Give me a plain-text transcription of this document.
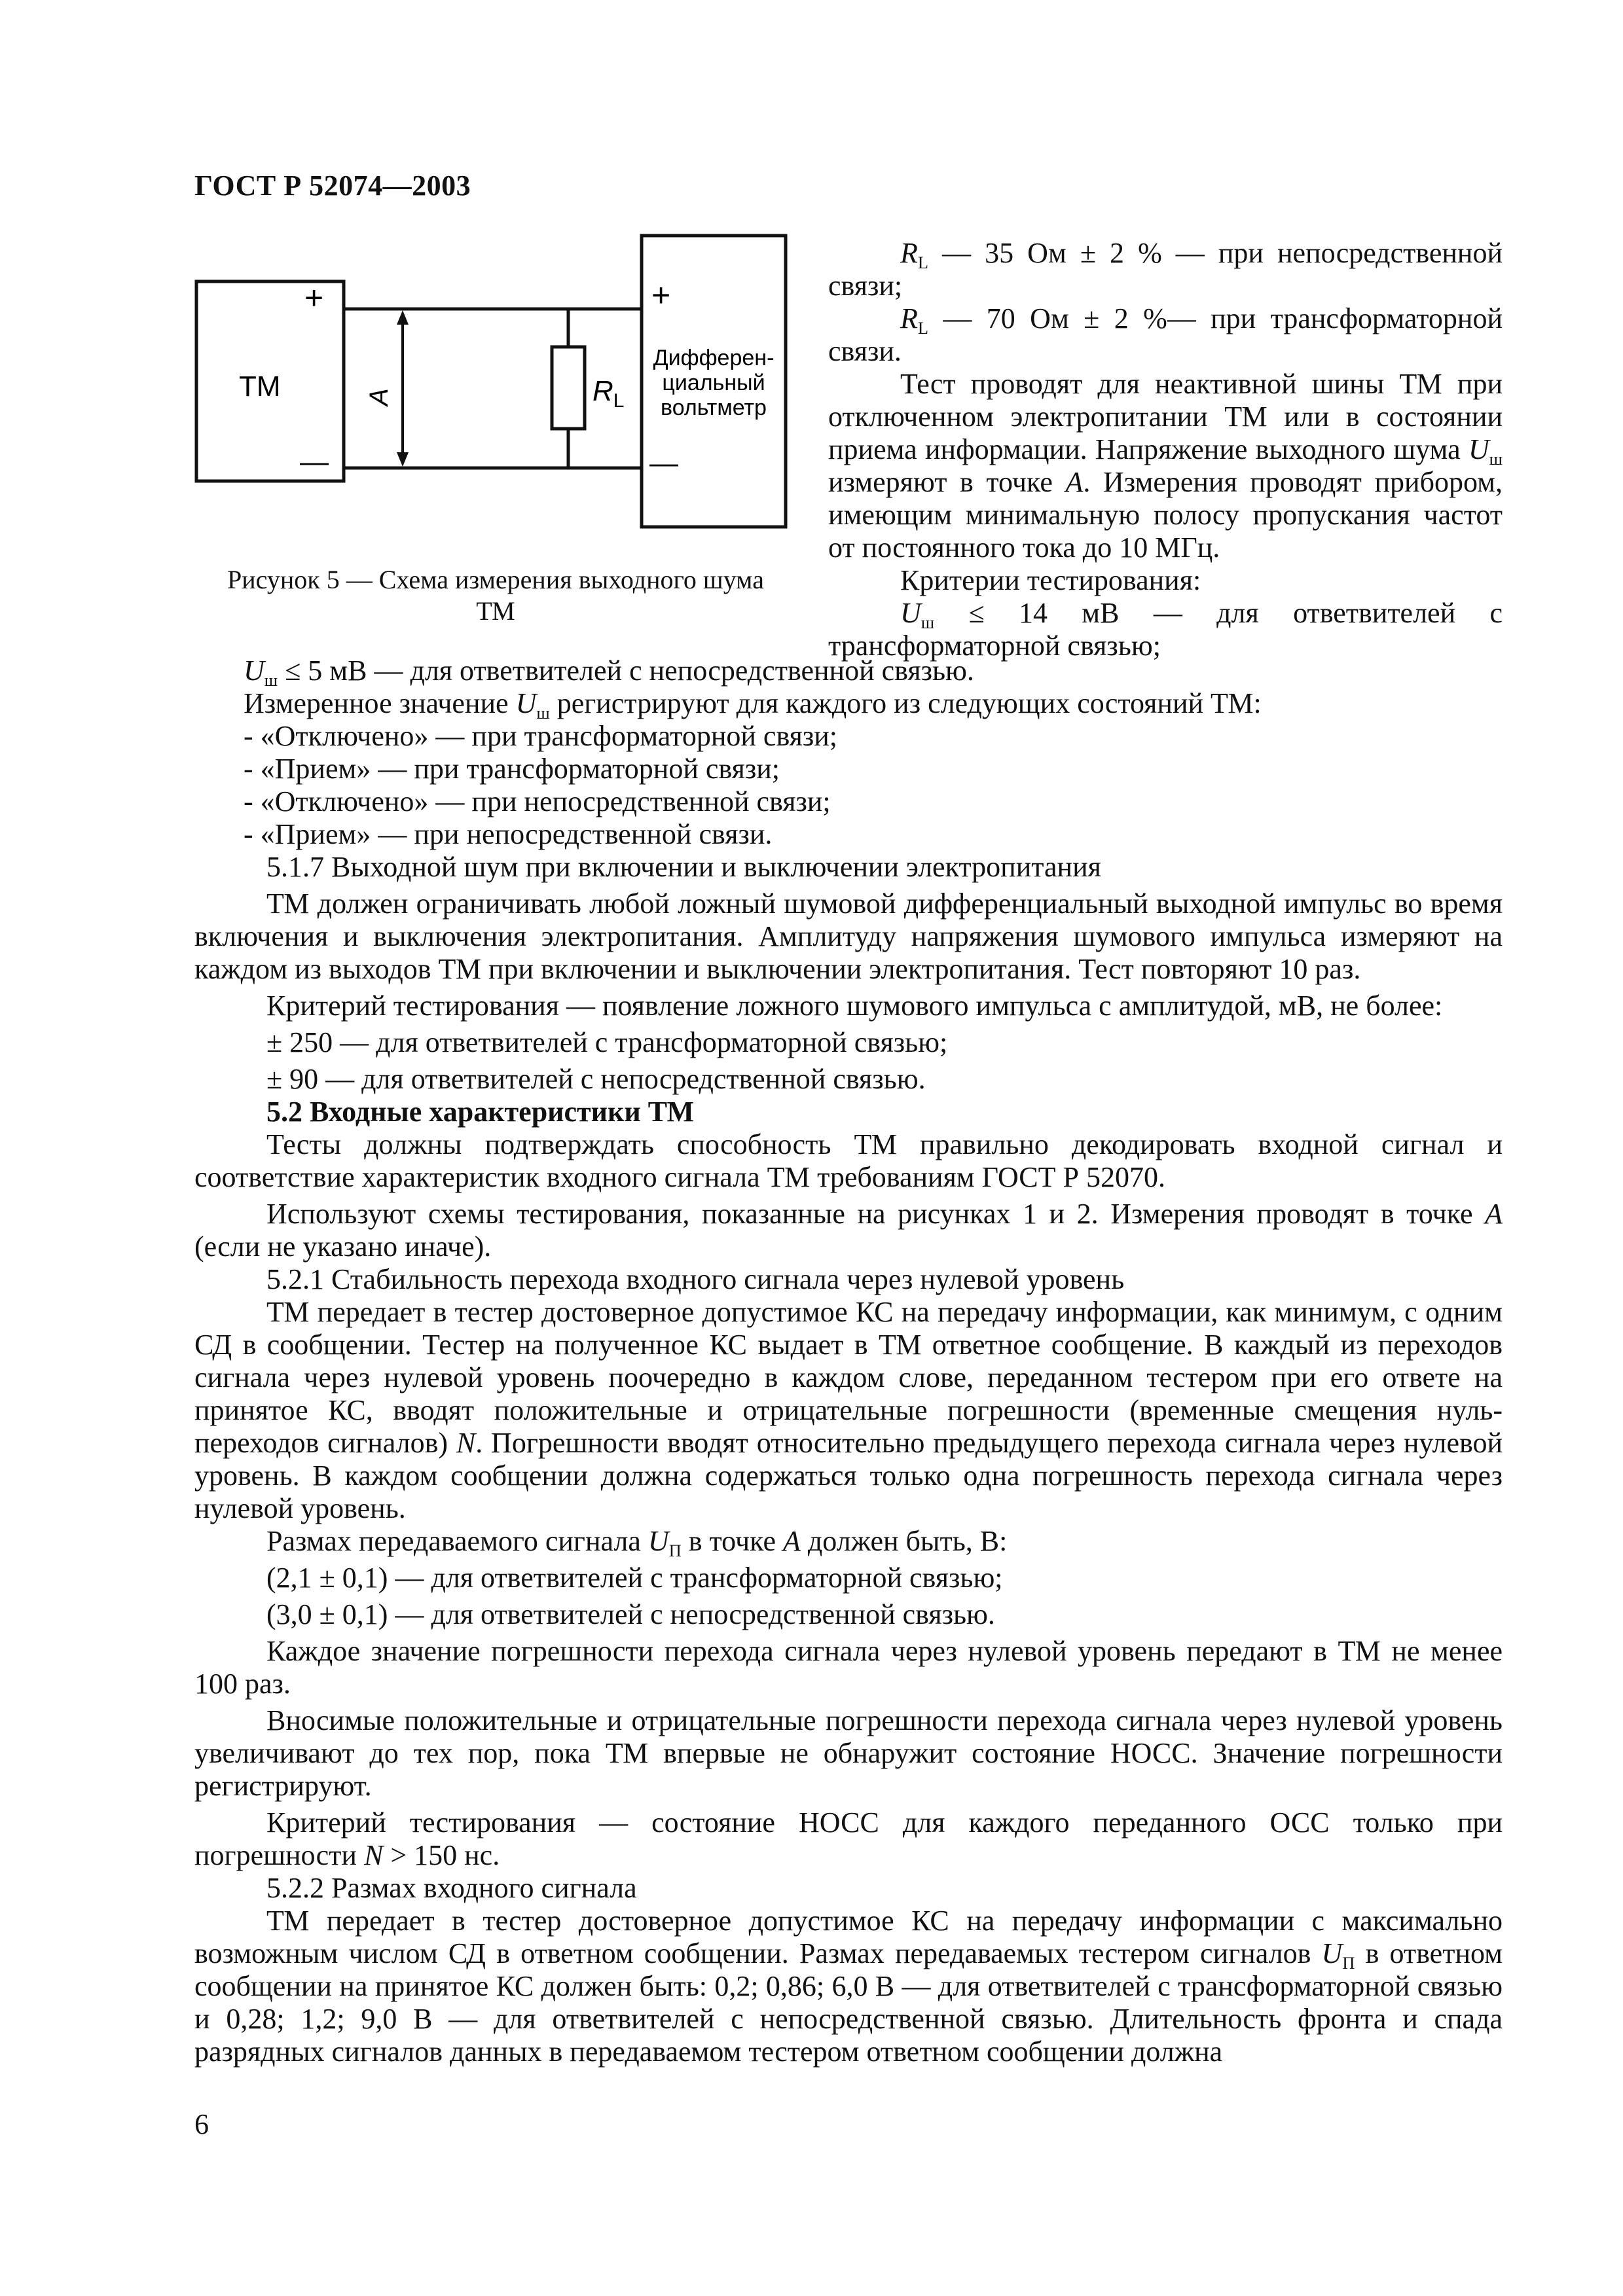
ГОСТ Р 52074—2003
+
—
ТМ	A	$R_L$
+
—
Дифферен-
циальный
вольтметр
Рисунок 5 — Схема измерения выходного шума
ТМ

$R_L$ — 35 Ом ± 2 % — при непосредственной связи;

$R_L$ — 70 Ом ± 2 %— при трансформаторной связи.

Тест проводят для неактивной шины ТМ при отключенном электропитании ТМ или в состоянии приема информации. Напряжение выходного шума $U_ш$ измеряют в точке A. Измерения проводят прибором, имеющим минимальную полосу пропускания частот от постоянного тока до 10 МГц.

Критерии тестирования:

$U_ш \le 14$ мВ — для ответвителей с трансформаторной связью;

$U_ш \le 5$ мВ — для ответвителей с непосредственной связью.

Измеренное значение $U_ш$ регистрируют для каждого из следующих состояний ТМ:

- «Отключено» — при трансформаторной связи;

- «Прием» — при трансформаторной связи;

- «Отключено» — при непосредственной связи;

- «Прием» — при непосредственной связи.

5.1.7 Выходной шум при включении и выключении электропитания

ТМ должен ограничивать любой ложный шумовой дифференциальный выходной импульс во время включения и выключения электропитания. Амплитуду напряжения шумового импульса измеряют на каждом из выходов ТМ при включении и выключении электропитания. Тест повторяют 10 раз.

Критерий тестирования — появление ложного шумового импульса с амплитудой, мВ, не более:

± 250 — для ответвителей с трансформаторной связью;

± 90 — для ответвителей с непосредственной связью.

5.2 Входные характеристики ТМ

Тесты должны подтверждать способность ТМ правильно декодировать входной сигнал и соответствие характеристик входного сигнала ТМ требованиям ГОСТ Р 52070.

Используют схемы тестирования, показанные на рисунках 1 и 2. Измерения проводят в точке A (если не указано иначе).

5.2.1 Стабильность перехода входного сигнала через нулевой уровень

ТМ передает в тестер достоверное допустимое КС на передачу информации, как минимум, с одним СД в сообщении. Тестер на полученное КС выдает в ТМ ответное сообщение. В каждый из переходов сигнала через нулевой уровень поочередно в каждом слове, переданном тестером при его ответе на принятое КС, вводят положительные и отрицательные погрешности (временные смещения нуль-переходов сигналов) N. Погрешности вводят относительно предыдущего перехода сигнала через нулевой уровень. В каждом сообщении должна содержаться только одна погрешность перехода сигнала через нулевой уровень.

Размах передаваемого сигнала $U_П$ в точке A должен быть, В:

(2,1 ± 0,1) — для ответвителей с трансформаторной связью;

(3,0 ± 0,1) — для ответвителей с непосредственной связью.

Каждое значение погрешности перехода сигнала через нулевой уровень передают в ТМ не менее 100 раз.

Вносимые положительные и отрицательные погрешности перехода сигнала через нулевой уровень увеличивают до тех пор, пока ТМ впервые не обнаружит состояние НОСС. Значение погрешности регистрируют.

Критерий тестирования — состояние НОСС для каждого переданного ОСС только при погрешности N > 150 нс.

5.2.2 Размах входного сигнала

ТМ передает в тестер достоверное допустимое КС на передачу информации с максимально возможным числом СД в ответном сообщении. Размах передаваемых тестером сигналов $U_П$ в ответном сообщении на принятое КС должен быть: 0,2; 0,86; 6,0 В — для ответвителей с трансформаторной связью и 0,28; 1,2; 9,0 В — для ответвителей с непосредственной связью. Длительность фронта и спада разрядных сигналов данных в передаваемом тестером ответном сообщении должна

6
